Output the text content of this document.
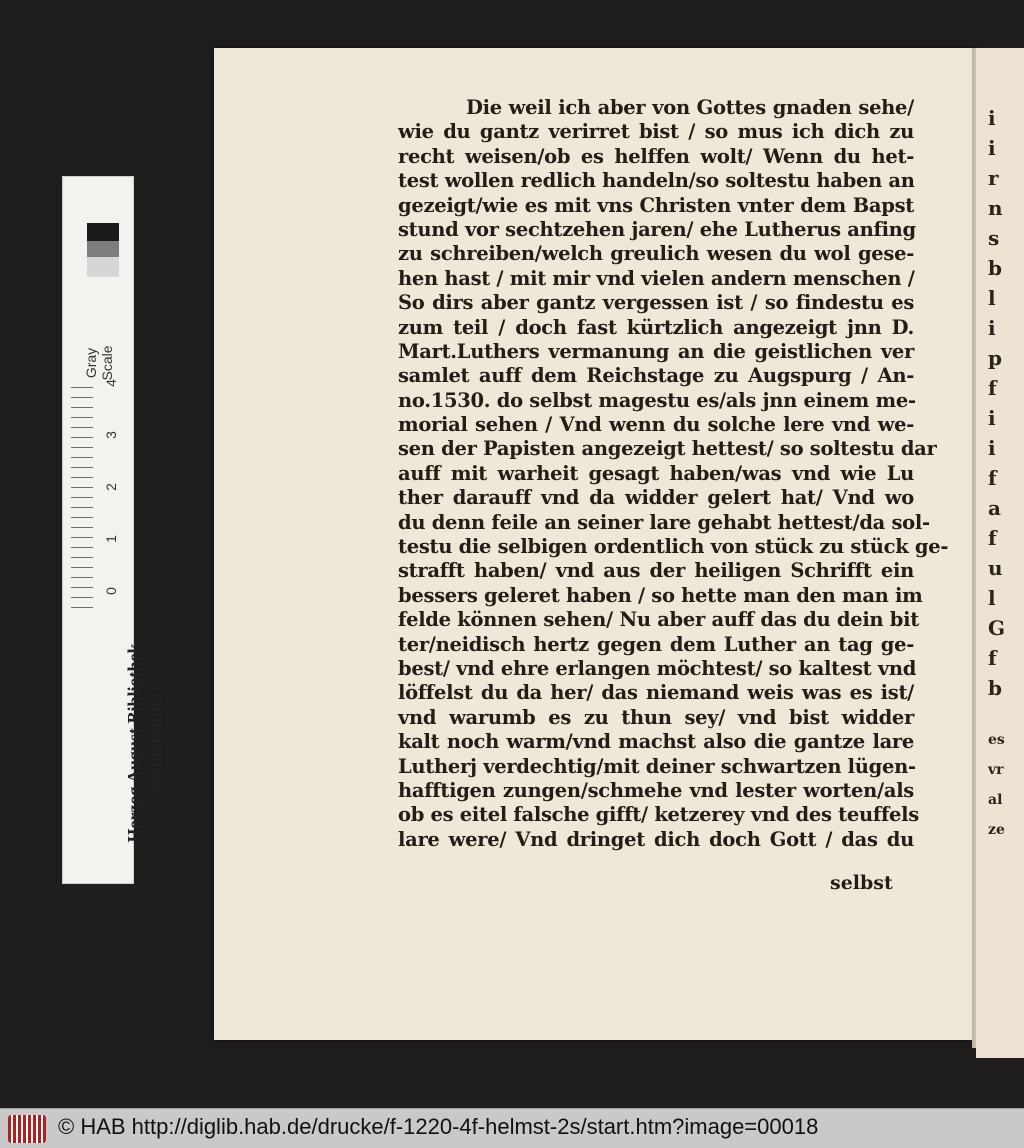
Gray Scale
4
3
2
1
0
Herzog August Bibliothek Wolfenbüttel
i
i
r
n
s
b
l
i
p
f
i
i
f
a
f
u
l
G
f
b
es
vr
al
ze
Die weil ich aber von Gottes gnaden sehe/
wie du gantz verirret bist / so mus ich dich zu
recht weisen/ob es helffen wolt/ Wenn du het-
test wollen redlich handeln/so soltestu haben an
gezeigt/wie es mit vns Christen vnter dem Bapst
stund vor sechtzehen jaren/ ehe Lutherus anfing
zu schreiben/welch greulich wesen du wol gese-
hen hast / mit mir vnd vielen andern menschen /
So dirs aber gantz vergessen ist / so findestu es
zum teil / doch fast kürtzlich angezeigt jnn D.
Mart.Luthers vermanung an die geistlichen ver
samlet auff dem Reichstage zu Augspurg / An-
no.1530. do selbst magestu es/als jnn einem me-
morial sehen / Vnd wenn du solche lere vnd we-
sen der Papisten angezeigt hettest/ so soltestu dar
auff mit warheit gesagt haben/was vnd wie Lu
ther darauff vnd da widder gelert hat/ Vnd wo
du denn feile an seiner lare gehabt hettest/da sol-
testu die selbigen ordentlich von stück zu stück ge-
strafft haben/ vnd aus der heiligen Schrifft ein
bessers geleret haben / so hette man den man im
felde können sehen/ Nu aber auff das du dein bit
ter/neidisch hertz gegen dem Luther an tag ge-
best/ vnd ehre erlangen möchtest/ so kaltest vnd
löffelst du da her/ das niemand weis was es ist/
vnd warumb es zu thun sey/ vnd bist widder
kalt noch warm/vnd machst also die gantze lare
Lutherj verdechtig/mit deiner schwartzen lügen-
hafftigen zungen/schmehe vnd lester worten/als
ob es eitel falsche gifft/ ketzerey vnd des teuffels
lare were/ Vnd dringet dich doch Gott / das du
selbst
© HAB http://diglib.hab.de/drucke/f-1220-4f-helmst-2s/start.htm?image=00018
